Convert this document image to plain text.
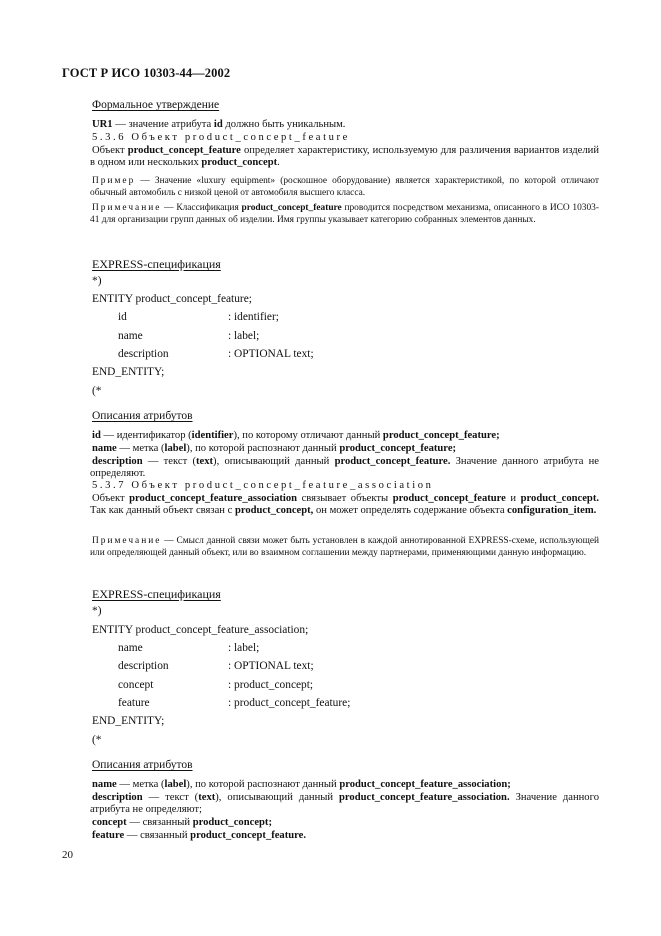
ГОСТ Р ИСО 10303-44—2002
Формальное утверждение
UR1 — значение атрибута id должно быть уникальным.
5.3.6 Объект product_concept_feature
Объект product_concept_feature определяет характеристику, используемую для различения вариантов изделий в одном или нескольких product_concept.
Пример — Значение «luxury equipment» (роскошное оборудование) является характеристикой, по которой отличают обычный автомобиль с низкой ценой от автомобиля высшего класса.
Примечание — Классификация product_concept_feature проводится посредством механизма, описанного в ИСО 10303-41 для организации групп данных об изделии. Имя группы указывает категорию собранных элементов данных.
EXPRESS-спецификация
*)
ENTITY product_concept_feature;
id	: identifier;
name	: label;
description	: OPTIONAL text;
END_ENTITY;
(*
Описания атрибутов
id — идентификатор (identifier), по которому отличают данный product_concept_feature;
name — метка (label), по которой распознают данный product_concept_feature;
description — текст (text), описывающий данный product_concept_feature. Значение данного атрибута не определяют.
5.3.7 Объект product_concept_feature_association
Объект product_concept_feature_association связывает объекты product_concept_feature и product_concept. Так как данный объект связан с product_concept, он может определять содержание объекта configuration_item.
Примечание — Смысл данной связи может быть установлен в каждой аннотированной EXPRESS-схеме, использующей или определяющей данный объект, или во взаимном соглашении между партнерами, применяющими данную информацию.
EXPRESS-спецификация
*)
ENTITY product_concept_feature_association;
name	: label;
description	: OPTIONAL text;
concept	: product_concept;
feature	: product_concept_feature;
END_ENTITY;
(*
Описания атрибутов
name — метка (label), по которой распознают данный product_concept_feature_association;
description — текст (text), описывающий данный product_concept_feature_association. Значение данного атрибута не определяют;
concept — связанный product_concept;
feature — связанный product_concept_feature.
20
